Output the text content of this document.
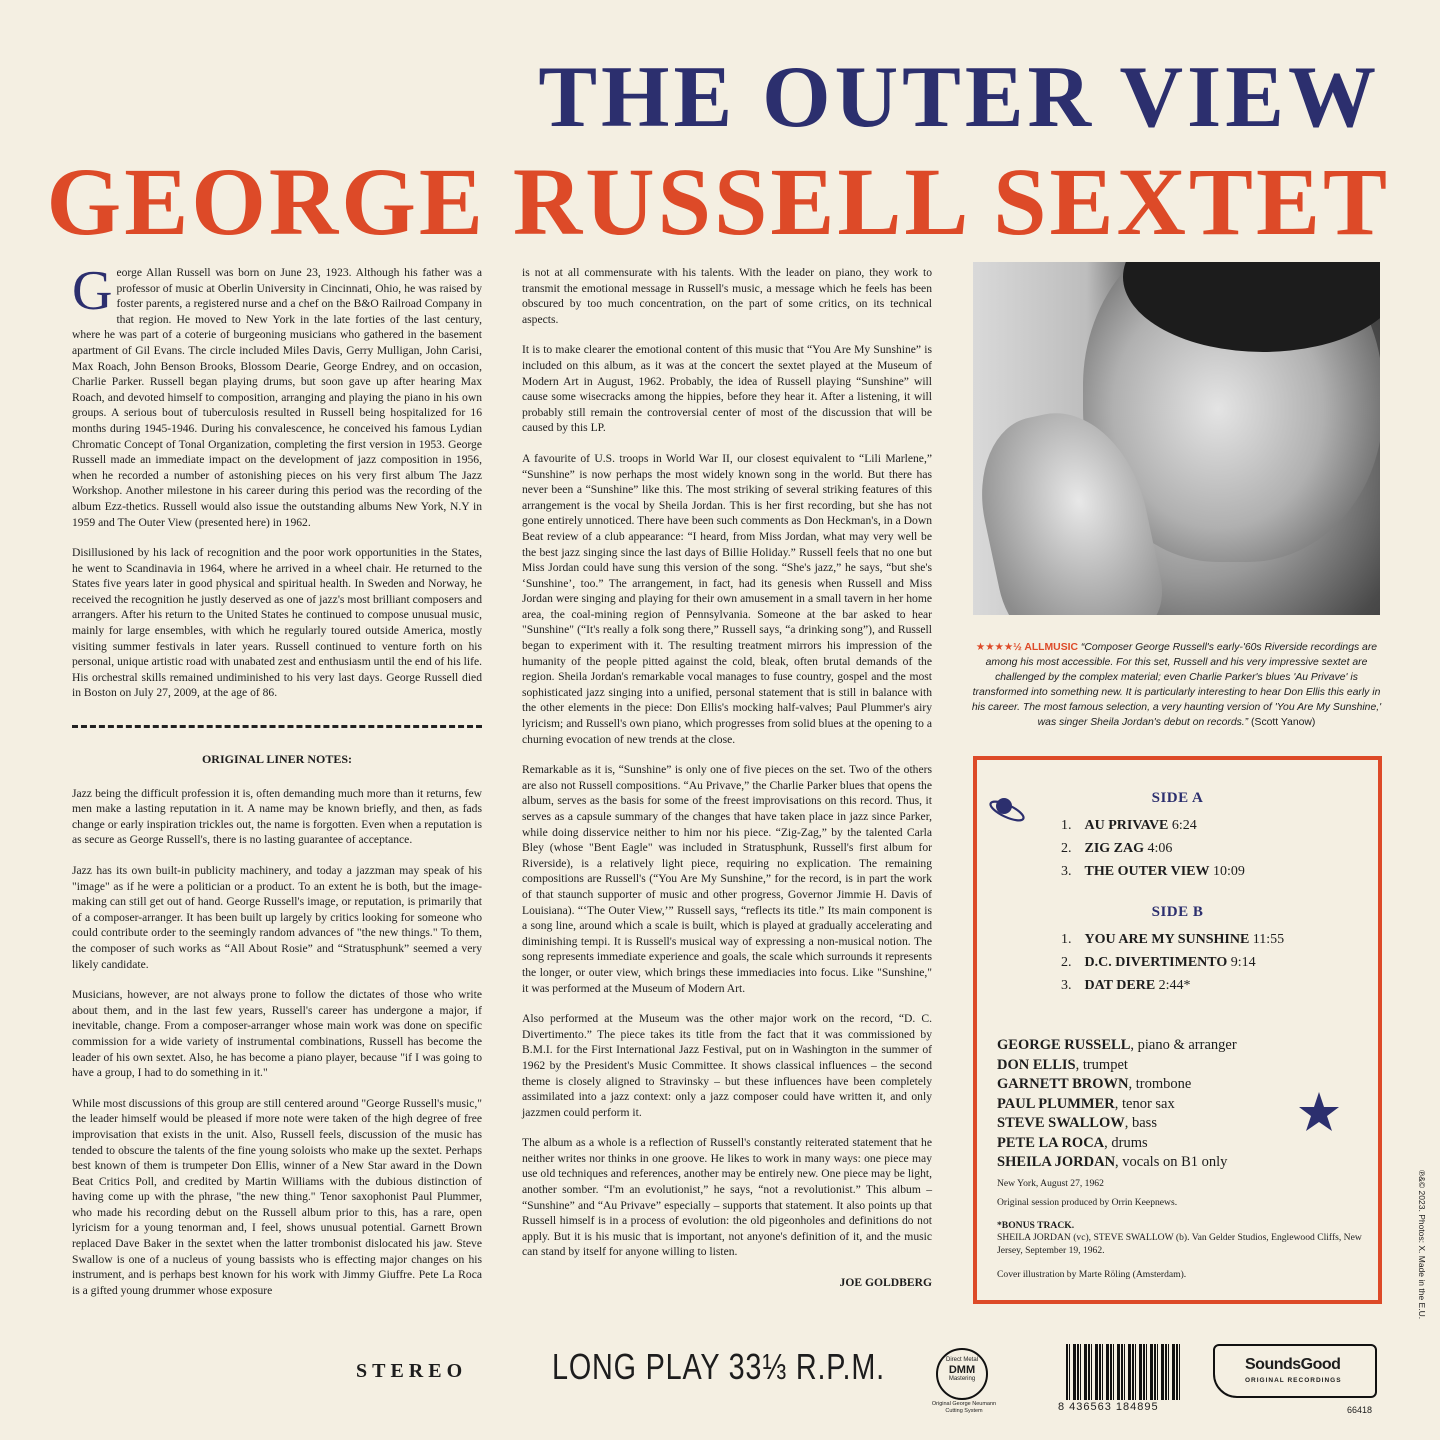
THE OUTER VIEW
GEORGE RUSSELL SEXTET

George Allan Russell was born on June 23, 1923. Although his father was a professor of music at Oberlin University in Cincinnati, Ohio, he was raised by foster parents, a registered nurse and a chef on the B&O Railroad Company in that region. He moved to New York in the late forties of the last century, where he was part of a coterie of burgeoning musicians who gathered in the basement apartment of Gil Evans. The circle included Miles Davis, Gerry Mulligan, John Carisi, Max Roach, John Benson Brooks, Blossom Dearie, George Endrey, and on occasion, Charlie Parker. Russell began playing drums, but soon gave up after hearing Max Roach, and devoted himself to composition, arranging and playing the piano in his own groups. A serious bout of tuberculosis resulted in Russell being hospitalized for 16 months during 1945-1946. During his convalescence, he conceived his famous Lydian Chromatic Concept of Tonal Organization, completing the first version in 1953. George Russell made an immediate impact on the development of jazz composition in 1956, when he recorded a number of astonishing pieces on his very first album The Jazz Workshop. Another milestone in his career during this period was the recording of the album Ezz-thetics. Russell would also issue the outstanding albums New York, N.Y in 1959 and The Outer View (presented here) in 1962.

Disillusioned by his lack of recognition and the poor work opportunities in the States, he went to Scandinavia in 1964, where he arrived in a wheel chair. He returned to the States five years later in good physical and spiritual health. In Sweden and Norway, he received the recognition he justly deserved as one of jazz's most brilliant composers and arrangers. After his return to the United States he continued to compose unusual music, mainly for large ensembles, with which he regularly toured outside America, mostly visiting summer festivals in later years. Russell continued to venture forth on his personal, unique artistic road with unabated zest and enthusiasm until the end of his life. His orchestral skills remained undiminished to his very last days. George Russell died in Boston on July 27, 2009, at the age of 86.

ORIGINAL LINER NOTES:

Jazz being the difficult profession it is, often demanding much more than it returns, few men make a lasting reputation in it. A name may be known briefly, and then, as fads change or early inspiration trickles out, the name is forgotten. Even when a reputation is as secure as George Russell's, there is no lasting guarantee of acceptance.

Jazz has its own built-in publicity machinery, and today a jazzman may speak of his "image" as if he were a politician or a product. To an extent he is both, but the image-making can still get out of hand. George Russell's image, or reputation, is primarily that of a composer-arranger. It has been built up largely by critics looking for someone who could contribute order to the seemingly random advances of "the new things." To them, the composer of such works as “All About Rosie” and “Stratusphunk” seemed a very likely candidate.

Musicians, however, are not always prone to follow the dictates of those who write about them, and in the last few years, Russell's career has undergone a major, if inevitable, change. From a composer-arranger whose main work was done on specific commission for a wide variety of instrumental combinations, Russell has become the leader of his own sextet. Also, he has become a piano player, because "if I was going to have a group, I had to do something in it."

While most discussions of this group are still centered around "George Russell's music," the leader himself would be pleased if more note were taken of the high degree of free improvisation that exists in the unit. Also, Russell feels, discussion of the music has tended to obscure the talents of the fine young soloists who make up the sextet. Perhaps best known of them is trumpeter Don Ellis, winner of a New Star award in the Down Beat Critics Poll, and credited by Martin Williams with the dubious distinction of having come up with the phrase, "the new thing." Tenor saxophonist Paul Plummer, who made his recording debut on the Russell album prior to this, has a rare, open lyricism for a young tenorman and, I feel, shows unusual potential. Garnett Brown replaced Dave Baker in the sextet when the latter trombonist dislocated his jaw. Steve Swallow is one of a nucleus of young bassists who is effecting major changes on his instrument, and is perhaps best known for his work with Jimmy Giuffre. Pete La Roca is a gifted young drummer whose exposure

is not at all commensurate with his talents. With the leader on piano, they work to transmit the emotional message in Russell's music, a message which he feels has been obscured by too much concentration, on the part of some critics, on its technical aspects.

It is to make clearer the emotional content of this music that “You Are My Sunshine” is included on this album, as it was at the concert the sextet played at the Museum of Modern Art in August, 1962. Probably, the idea of Russell playing “Sunshine” will cause some wisecracks among the hippies, before they hear it. After a listening, it will probably still remain the controversial center of most of the discussion that will be caused by this LP.

A favourite of U.S. troops in World War II, our closest equivalent to “Lili Marlene,” “Sunshine” is now perhaps the most widely known song in the world. But there has never been a “Sunshine” like this. The most striking of several striking features of this arrangement is the vocal by Sheila Jordan. This is her first recording, but she has not gone entirely unnoticed. There have been such comments as Don Heckman's, in a Down Beat review of a club appearance: “I heard, from Miss Jordan, what may very well be the best jazz singing since the last days of Billie Holiday.” Russell feels that no one but Miss Jordan could have sung this version of the song. “She's jazz,” he says, “but she's ‘Sunshine’, too.” The arrangement, in fact, had its genesis when Russell and Miss Jordan were singing and playing for their own amusement in a small tavern in her home area, the coal-mining region of Pennsylvania. Someone at the bar asked to hear "Sunshine" (“It's really a folk song there,” Russell says, “a drinking song”), and Russell began to experiment with it. The resulting treatment mirrors his impression of the humanity of the people pitted against the cold, bleak, often brutal demands of the region. Sheila Jordan's remarkable vocal manages to fuse country, gospel and the most sophisticated jazz singing into a unified, personal statement that is still in balance with the other elements in the piece: Don Ellis's mocking half-valves; Paul Plummer's airy lyricism; and Russell's own piano, which progresses from solid blues at the opening to a churning evocation of new trends at the close.

Remarkable as it is, “Sunshine” is only one of five pieces on the set. Two of the others are also not Russell compositions. “Au Privave,” the Charlie Parker blues that opens the album, serves as the basis for some of the freest improvisations on this record. Thus, it serves as a capsule summary of the changes that have taken place in jazz since Parker, while doing disservice neither to him nor his piece. “Zig-Zag,” by the talented Carla Bley (whose "Bent Eagle" was included in Stratusphunk, Russell's first album for Riverside), is a relatively light piece, requiring no explication. The remaining compositions are Russell's (“You Are My Sunshine,” for the record, is in part the work of that staunch supporter of music and other progress, Governor Jimmie H. Davis of Louisiana). “‘The Outer View,’” Russell says, “reflects its title.” Its main component is a song line, around which a scale is built, which is played at gradually accelerating and diminishing tempi. It is Russell's musical way of expressing a non-musical notion. The song represents immediate experience and goals, the scale which surrounds it represents the longer, or outer view, which brings these immediacies into focus. Like "Sunshine," it was performed at the Museum of Modern Art.

Also performed at the Museum was the other major work on the record, “D. C. Divertimento.” The piece takes its title from the fact that it was commissioned by B.M.I. for the First International Jazz Festival, put on in Washington in the summer of 1962 by the President's Music Committee. It shows classical influences – the second theme is closely aligned to Stravinsky – but these influences have been completely assimilated into a jazz context: only a jazz composer could have written it, and only jazzmen could perform it.

The album as a whole is a reflection of Russell's constantly reiterated statement that he neither writes nor thinks in one groove. He likes to work in many ways: one piece may use old techniques and references, another may be entirely new. One piece may be light, another somber. “I'm an evolutionist,” he says, “not a revolutionist.” This album – “Sunshine” and “Au Privave” especially – supports that statement. It also points up that Russell himself is in a process of evolution: the old pigeonholes and definitions do not apply. But it is his music that is important, not anyone's definition of it, and the music can stand by itself for anyone willing to listen.

JOE GOLDBERG
★★★★½ ALLMUSIC “Composer George Russell's early-'60s Riverside recordings are among his most accessible. For this set, Russell and his very impressive sextet are challenged by the complex material; even Charlie Parker's blues 'Au Privave' is transformed into something new. It is particularly interesting to hear Don Ellis this early in his career. The most famous selection, a very haunting version of 'You Are My Sunshine,' was singer Sheila Jordan's debut on records.” (Scott Yanow)
SIDE A
1. AU PRIVAVE 6:24
2. ZIG ZAG 4:06
3. THE OUTER VIEW 10:09
SIDE B
1. YOU ARE MY SUNSHINE 11:55
2. D.C. DIVERTIMENTO 9:14
3. DAT DERE 2:44*
GEORGE RUSSELL, piano & arranger
DON ELLIS, trumpet
GARNETT BROWN, trombone
PAUL PLUMMER, tenor sax
STEVE SWALLOW, bass
PETE LA ROCA, drums
SHEILA JORDAN, vocals on B1 only
New York, August 27, 1962
Original session produced by Orrin Keepnews.
*BONUS TRACK.
SHEILA JORDAN (vc), STEVE SWALLOW (b). Van Gelder Studios, Englewood Cliffs, New Jersey, September 19, 1962.
Cover illustration by Marte Röling (Amsterdam).	℗&© 2023. Photos: X. Made in the E.U.
STEREO LONG PLAY 33⅓ R.P.M.	Direct Metal
DMM
Mastering
Original George Neumann Cutting System	8 436563 184895
SoundsGood
ORIGINAL RECORDINGS
66418
